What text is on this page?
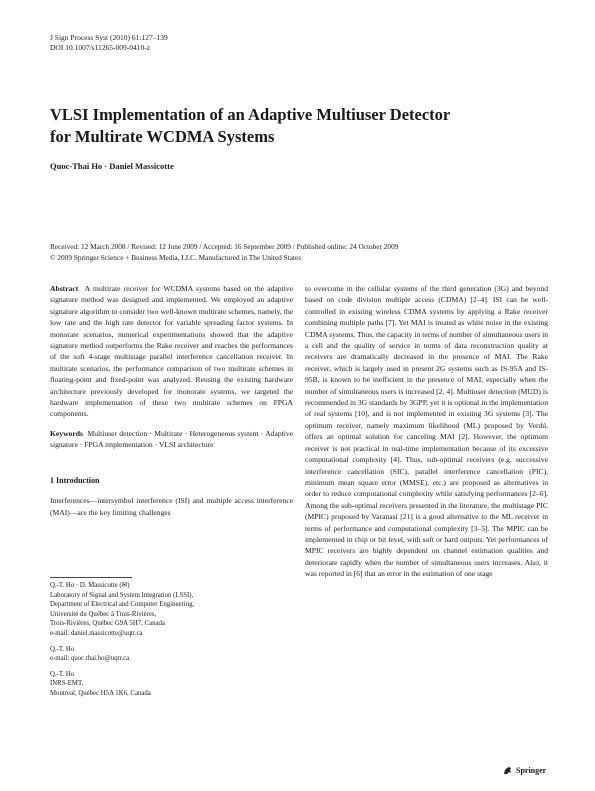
J Sign Process Syst (2010) 61:127–139
DOI 10.1007/s11265-009-0410-z
VLSI Implementation of an Adaptive Multiuser Detector
for Multirate WCDMA Systems
Quoc-Thai Ho · Daniel Massicotte
Received: 12 March 2008 / Revised: 12 June 2009 / Accepted: 16 September 2009 / Published online: 24 October 2009
© 2009 Springer Science + Business Media, LLC. Manufactured in The United States

Abstract A multirate receiver for WCDMA systems based on the adaptive signature method was designed and implemented. We employed an adaptive signature algorithm to consider two well-known multirate schemes, namely, the low rate and the high rate detector for variable spreading factor systems. In monorate scenarios, numerical experimentations showed that the adaptive signature method outperforms the Rake receiver and reaches the performances of the soft 4-stage multistage parallel interference cancellation receiver. In multirate scenarios, the performance comparison of two multirate schemes in floating-point and fixed-point was analyzed. Reusing the existing hardware architecture previously developed for monorate systems, we targeted the hardware implementation of these two multirate schemes on FPGA components.

Keywords Multiuser detection · Multirate · Heterogeneous system · Adaptive signature · FPGA implementation · VLSI architecture

1 Introduction

Interferences—intersymbol interference (ISI) and multiple access interference (MAI)—are the key limiting challenges

Q.-T. Ho · D. Massicotte (✉)
Laboratory of Signal and System Integration (LSSI),
Department of Electrical and Computer Engineering,
Université du Québec à Trois-Rivières,
Trois-Rivières, Québec G9A 5H7, Canada
e-mail: daniel.massicotte@uqtr.ca

Q.-T. Ho
e-mail: quoc.thai.ho@uqtr.ca

Q.-T. Ho
INRS-EMT,
Montreal, Québec H5A 1K6, Canada

to overcome in the cellular systems of the third generation (3G) and beyond based on code division multiple access (CDMA) [2–4]. ISI can be well-controlled in existing wireless CDMA systems by applying a Rake receiver combining multiple paths [7]. Yet MAI is treated as white noise in the existing CDMA systems. Thus, the capacity in terms of number of simultaneous users in a cell and the quality of service in terms of data reconstruction quality at receivers are dramatically decreased in the presence of MAI. The Rake receiver, which is largely used in present 2G systems such as IS-95A and IS-95B, is known to be inefficient in the presence of MAI, especially when the number of simultaneous users is increased [2, 4]. Multiuser detection (MUD) is recommended in 3G standards by 3GPP, yet it is optional in the implementation of real systems [10], and is not implemented in existing 3G systems [3]. The optimum receiver, namely maximum likelihood (ML) proposed by Verdú, offers an optimal solution for canceling MAI [2]. However, the optimum receiver is not practical in real-time implementation because of its excessive computational complexity [4]. Thus, sub-optimal receivers (e.g. successive interference cancellation (SIC), parallel interference cancellation (PIC), minimum mean square error (MMSE), etc.) are proposed as alternatives in order to reduce computational complexity while satisfying performances [2–6]. Among the sub-optimal receivers presented in the literature, the multistage PIC (MPIC) proposed by Varanasi [21] is a good alternative to the ML receiver in terms of performance and computational complexity [3–5]. The MPIC can be implemented in chip or bit level, with soft or hard outputs. Yet performances of MPIC receivers are highly dependent on channel estimation qualities and deteriorate rapidly when the number of simultaneous users increases. Also, it was reported in [6] that an error in the estimation of one stage

Springer
